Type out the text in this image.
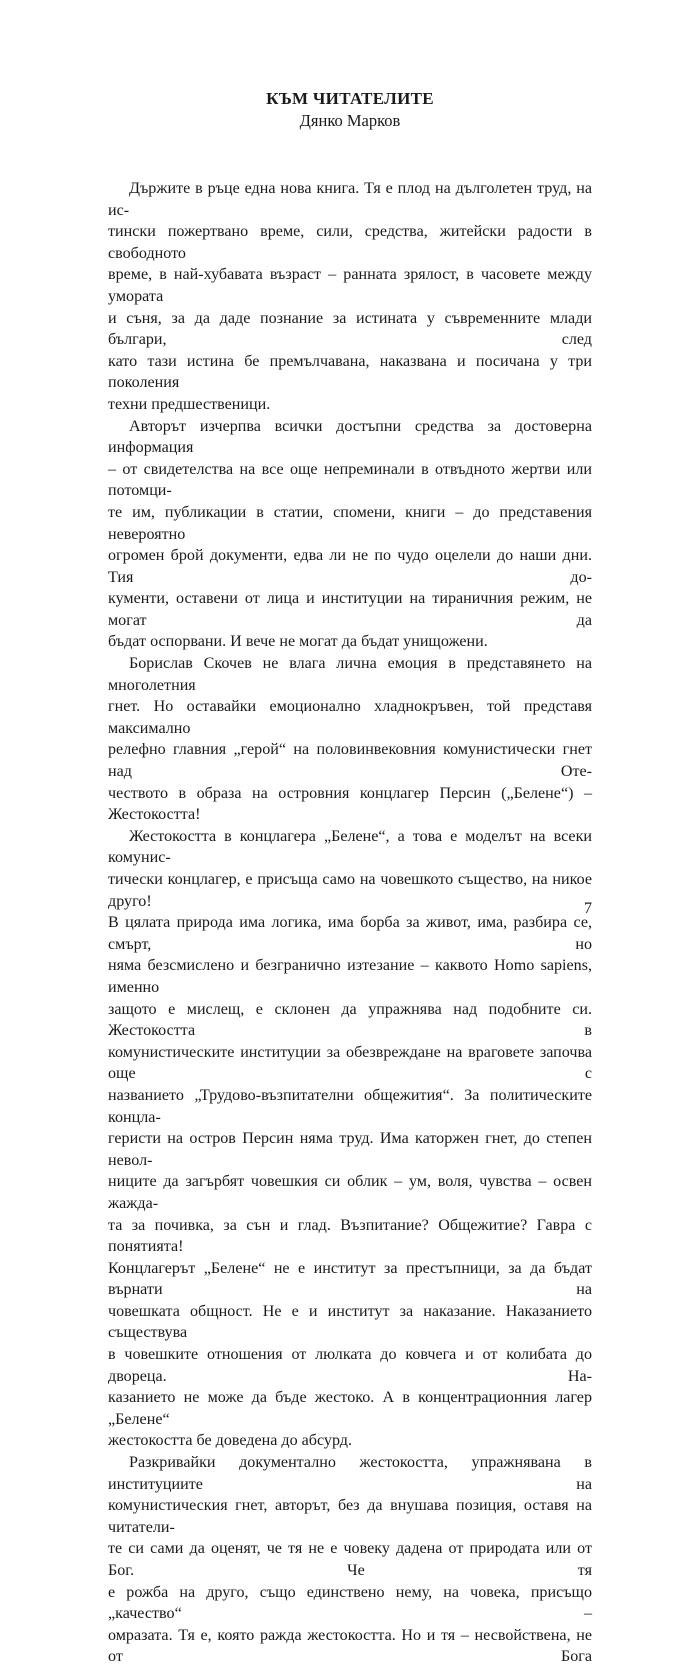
КЪМ ЧИТАТЕЛИТЕ
Дянко Марков

Държите в ръце една нова книга. Тя е плод на дълголетен труд, на ис-
тински пожертвано време, сили, средства, житейски радости в свободното
време, в най-хубавата възраст – ранната зрялост, в часовете между умората
и съня, за да даде познание за истината у съвременните млади българи, след
като тази истина бе премълчавана, наказвана и посичана у три поколения
техни предшественици.

Авторът изчерпва всички достъпни средства за достоверна информация
– от свидетелства на все още непреминали в отвъдното жертви или потомци-
те им, публикации в статии, спомени, книги – до представения невероятно
огромен брой документи, едва ли не по чудо оцелели до наши дни. Тия до-
кументи, оставени от лица и институции на тираничния режим, не могат да
бъдат оспорвани. И вече не могат да бъдат унищожени.

Борислав Скочев не влага лична емоция в представянето на многолетния
гнет. Но оставайки емоционално хладнокръвен, той представя максимално
релефно главния „герой“ на половинвековния комунистически гнет над Оте-
чеството в образа на островния концлагер Персин („Белене“) – Жестокостта!

Жестокостта в концлагера „Белене“, а това е моделът на всеки комунис-
тически концлагер, е присъща само на човешкото същество, на никое друго!
В цялата природа има логика, има борба за живот, има, разбира се, смърт, но
няма безсмислено и безгранично изтезание – каквото Homo sapiens, именно
защото е мислещ, е склонен да упражнява над подобните си. Жестокостта в
комунистическите институции за обезвреждане на враговете започва още с
названието „Трудово-възпитателни общежития“. За политическите концла-
геристи на остров Персин няма труд. Има каторжен гнет, до степен невол-
ниците да загърбят човешкия си облик – ум, воля, чувства – освен жажда-
та за почивка, за сън и глад. Възпитание? Общежитие? Гавра с понятията!
Концлагерът „Белене“ не е институт за престъпници, за да бъдат върнати на
човешката общност. Не е и институт за наказание. Наказанието съществува
в човешките отношения от люлката до ковчега и от колибата до двореца. На-
казанието не може да бъде жестоко. А в концентрационния лагер „Белене“
жестокостта бе доведена до абсурд.

Разкривайки документално жестокостта, упражнявана в институциите на
комунистическия гнет, авторът, без да внушава позиция, оставя на читатели-
те си сами да оценят, че тя не е човеку дадена от природата или от Бог. Че тя
е рожба на друго, също единствено нему, на човека, присъщо „качество“ –
омразата. Тя е, която ражда жестокостта. Но и тя – несвойствена, не от Бога

7
